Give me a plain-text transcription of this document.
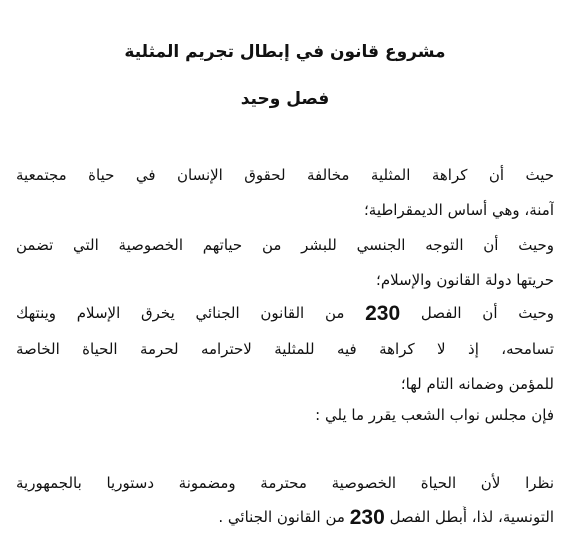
مشروع قانون في إبطال تجريم المثلية
فصل وحيد
حيث أن كراهة المثلية مخالفة لحقوق الإنسان في حياة مجتمعية
آمنة، وهي أساس الديمقراطية؛
وحيث أن التوجه الجنسي للبشر من حياتهم الخصوصية التي تضمن
حريتها دولة القانون والإسلام؛
وحيث أن الفصل 230 من القانون الجنائي يخرق الإسلام وينتهك
تسامحه، إذ لا كراهة فيه للمثلية لاحترامه لحرمة الحياة الخاصة
للمؤمن وضمانه التام لها؛
فإن مجلس نواب الشعب يقرر ما يلي :
نظرا لأن الحياة الخصوصية محترمة ومضمونة دستوريا بالجمهورية
التونسية، لذا، أُبطل الفصل 230 من القانون الجنائي .
